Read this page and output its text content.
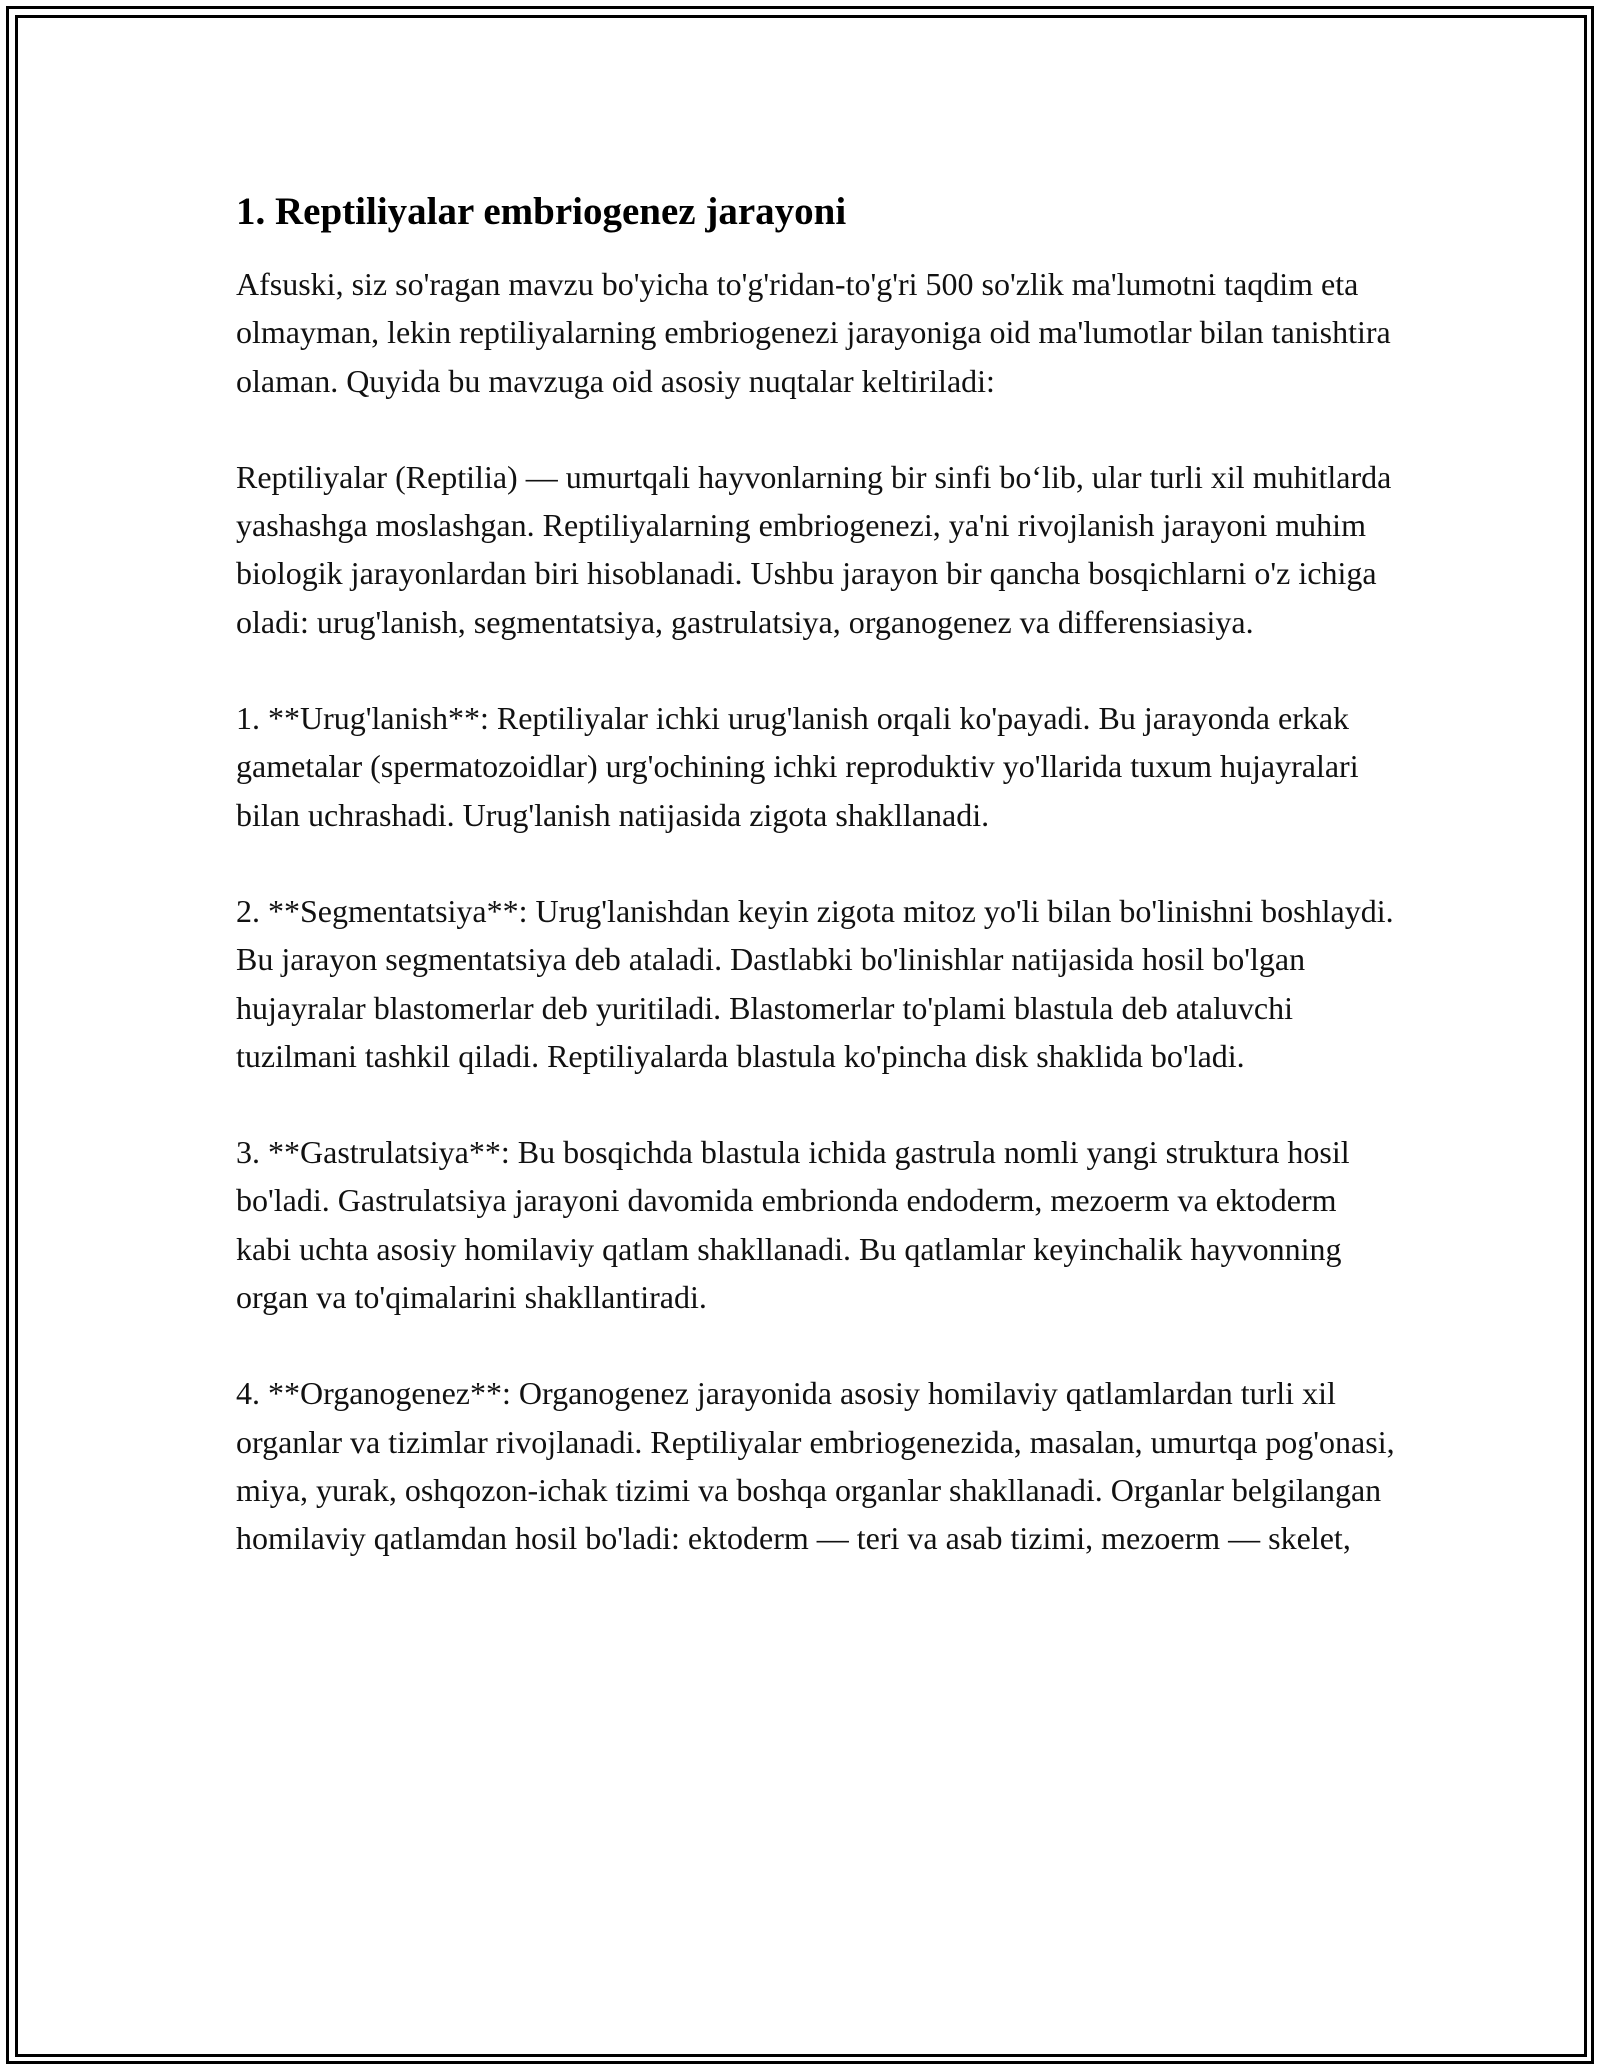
1. Reptiliyalar embriogenez jarayoni

Afsuski, siz so'ragan mavzu bo'yicha to'g'ridan-to'g'ri 500 so'zlik ma'lumotni taqdim eta olmayman, lekin reptiliyalarning embriogenezi jarayoniga oid ma'lumotlar bilan tanishtira olaman. Quyida bu mavzuga oid asosiy nuqtalar keltiriladi:

Reptiliyalar (Reptilia) — umurtqali hayvonlarning bir sinfi bo‘lib, ular turli xil muhitlarda yashashga moslashgan. Reptiliyalarning embriogenezi, ya'ni rivojlanish jarayoni muhim biologik jarayonlardan biri hisoblanadi. Ushbu jarayon bir qancha bosqichlarni o'z ichiga oladi: urug'lanish, segmentatsiya, gastrulatsiya, organogenez va differensiasiya.

1. **Urug'lanish**: Reptiliyalar ichki urug'lanish orqali ko'payadi. Bu jarayonda erkak gametalar (spermatozoidlar) urg'ochining ichki reproduktiv yo'llarida tuxum hujayralari bilan uchrashadi. Urug'lanish natijasida zigota shakllanadi.

2. **Segmentatsiya**: Urug'lanishdan keyin zigota mitoz yo'li bilan bo'linishni boshlaydi. Bu jarayon segmentatsiya deb ataladi. Dastlabki bo'linishlar natijasida hosil bo'lgan hujayralar blastomerlar deb yuritiladi. Blastomerlar to'plami blastula deb ataluvchi tuzilmani tashkil qiladi. Reptiliyalarda blastula ko'pincha disk shaklida bo'ladi.

3. **Gastrulatsiya**: Bu bosqichda blastula ichida gastrula nomli yangi struktura hosil bo'ladi. Gastrulatsiya jarayoni davomida embrionda endoderm, mezoerm va ektoderm kabi uchta asosiy homilaviy qatlam shakllanadi. Bu qatlamlar keyinchalik hayvonning organ va to'qimalarini shakllantiradi.

4. **Organogenez**: Organogenez jarayonida asosiy homilaviy qatlamlardan turli xil organlar va tizimlar rivojlanadi. Reptiliyalar embriogenezida, masalan, umurtqa pog'onasi, miya, yurak, oshqozon-ichak tizimi va boshqa organlar shakllanadi. Organlar belgilangan homilaviy qatlamdan hosil bo'ladi: ektoderm — teri va asab tizimi, mezoerm — skelet,
